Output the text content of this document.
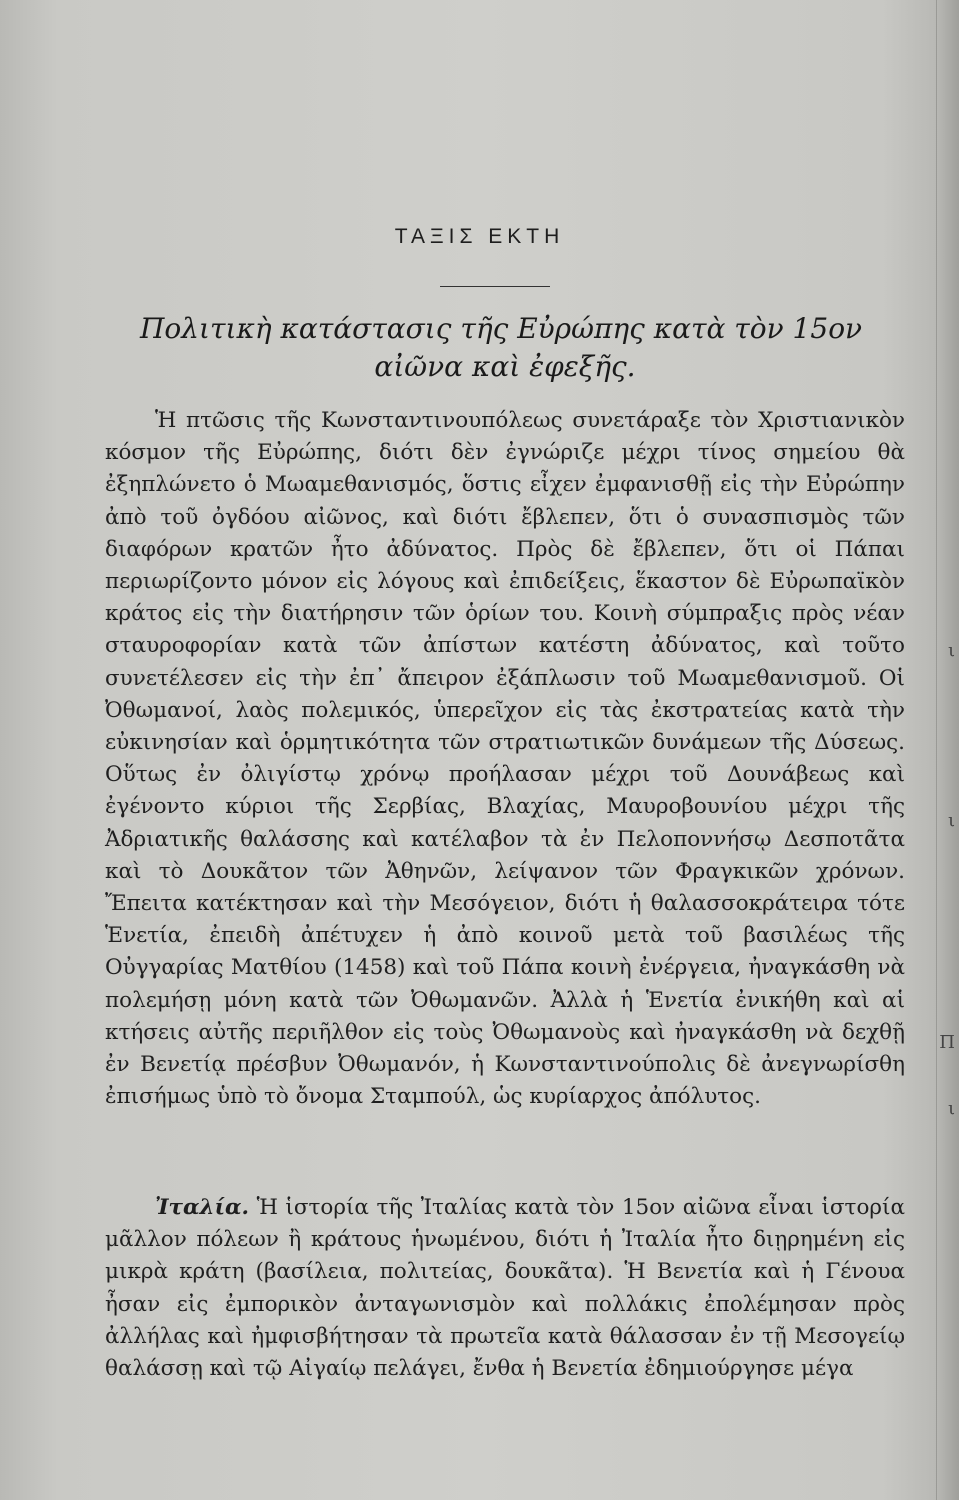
ι
ι
Π
ι
ΤΑΞΙΣ ΕΚΤΗ
Πολιτικὴ κατάστασις τῆς Εὐρώπης κατὰ τὸν 15ον
αἰῶνα καὶ ἐφεξῆς.

Ἡ πτῶσις τῆς Κωνσταντινουπόλεως συνετάραξε τὸν Χριστιανικὸν κόσμον τῆς Εὐρώπης, διότι δὲν ἐγνώριζε μέχρι τίνος σημείου θὰ ἐξηπλώνετο ὁ Μωαμεθανισμός, ὅστις εἶχεν ἐμφανισθῇ εἰς τὴν Εὐρώπην ἀπὸ τοῦ ὀγδόου αἰῶνος, καὶ διότι ἔβλεπεν, ὅτι ὁ συνασπισμὸς τῶν διαφόρων κρατῶν ἦτο ἀδύνατος. Πρὸς δὲ ἔβλεπεν, ὅτι οἱ Πάπαι περιωρίζοντο μόνον εἰς λόγους καὶ ἐπιδείξεις, ἕκαστον δὲ Εὐρωπαϊκὸν κράτος εἰς τὴν διατήρησιν τῶν ὁρίων του. Κοινὴ σύμπραξις πρὸς νέαν σταυροφορίαν κατὰ τῶν ἀπίστων κατέστη ἀδύνατος, καὶ τοῦτο συνετέλεσεν εἰς τὴν ἐπ᾿ ἄπειρον ἐξάπλωσιν τοῦ Μωαμεθανισμοῦ. Οἱ Ὀθωμανοί, λαὸς πολεμικός, ὑπερεῖχον εἰς τὰς ἐκστρατείας κατὰ τὴν εὐκινησίαν καὶ ὁρμητικότητα τῶν στρατιωτικῶν δυνάμεων τῆς Δύσεως. Οὕτως ἐν ὀλιγίστῳ χρόνῳ προήλασαν μέχρι τοῦ Δουνάβεως καὶ ἐγένοντο κύριοι τῆς Σερβίας, Βλαχίας, Μαυροβουνίου μέχρι τῆς Ἀδριατικῆς θαλάσσης καὶ κατέλαβον τὰ ἐν Πελοποννήσῳ Δεσποτᾶτα καὶ τὸ Δουκᾶτον τῶν Ἀθηνῶν, λείψανον τῶν Φραγκικῶν χρόνων. Ἔπειτα κατέκτησαν καὶ τὴν Μεσόγειον, διότι ἡ θαλασσοκράτειρα τότε Ἑνετία, ἐπειδὴ ἀπέτυχεν ἡ ἀπὸ κοινοῦ μετὰ τοῦ βασιλέως τῆς Οὐγγαρίας Ματθίου (1458) καὶ τοῦ Πάπα κοινὴ ἐνέργεια, ἠναγκάσθη νὰ πολεμήσῃ μόνη κατὰ τῶν Ὀθωμανῶν. Ἀλλὰ ἡ Ἑνετία ἐνικήθη καὶ αἱ κτήσεις αὐτῆς περιῆλθον εἰς τοὺς Ὀθωμανοὺς καὶ ἠναγκάσθη νὰ δεχθῇ ἐν Βενετίᾳ πρέσβυν Ὀθωμανόν, ἡ Κωνσταντινούπολις δὲ ἀνεγνωρίσθη ἐπισήμως ὑπὸ τὸ ὄνομα Σταμπούλ, ὡς κυρίαρχος ἀπόλυτος.

Ἰταλία. Ἡ ἱστορία τῆς Ἰταλίας κατὰ τὸν 15ον αἰῶνα εἶναι ἱστορία μᾶλλον πόλεων ἢ κράτους ἡνωμένου, διότι ἡ Ἰταλία ἦτο διῃρημένη εἰς μικρὰ κράτη (βασίλεια, πολιτείας, δουκᾶτα). Ἡ Βενετία καὶ ἡ Γένουα ἦσαν εἰς ἐμπορικὸν ἀνταγωνισμὸν καὶ πολλάκις ἐπολέμησαν πρὸς ἀλλήλας καὶ ἠμφισβήτησαν τὰ πρωτεῖα κατὰ θάλασσαν ἐν τῇ Μεσογείῳ θαλάσσῃ καὶ τῷ Αἰγαίῳ πελάγει, ἔνθα ἡ Βενετία ἐδημιούργησε μέγα
